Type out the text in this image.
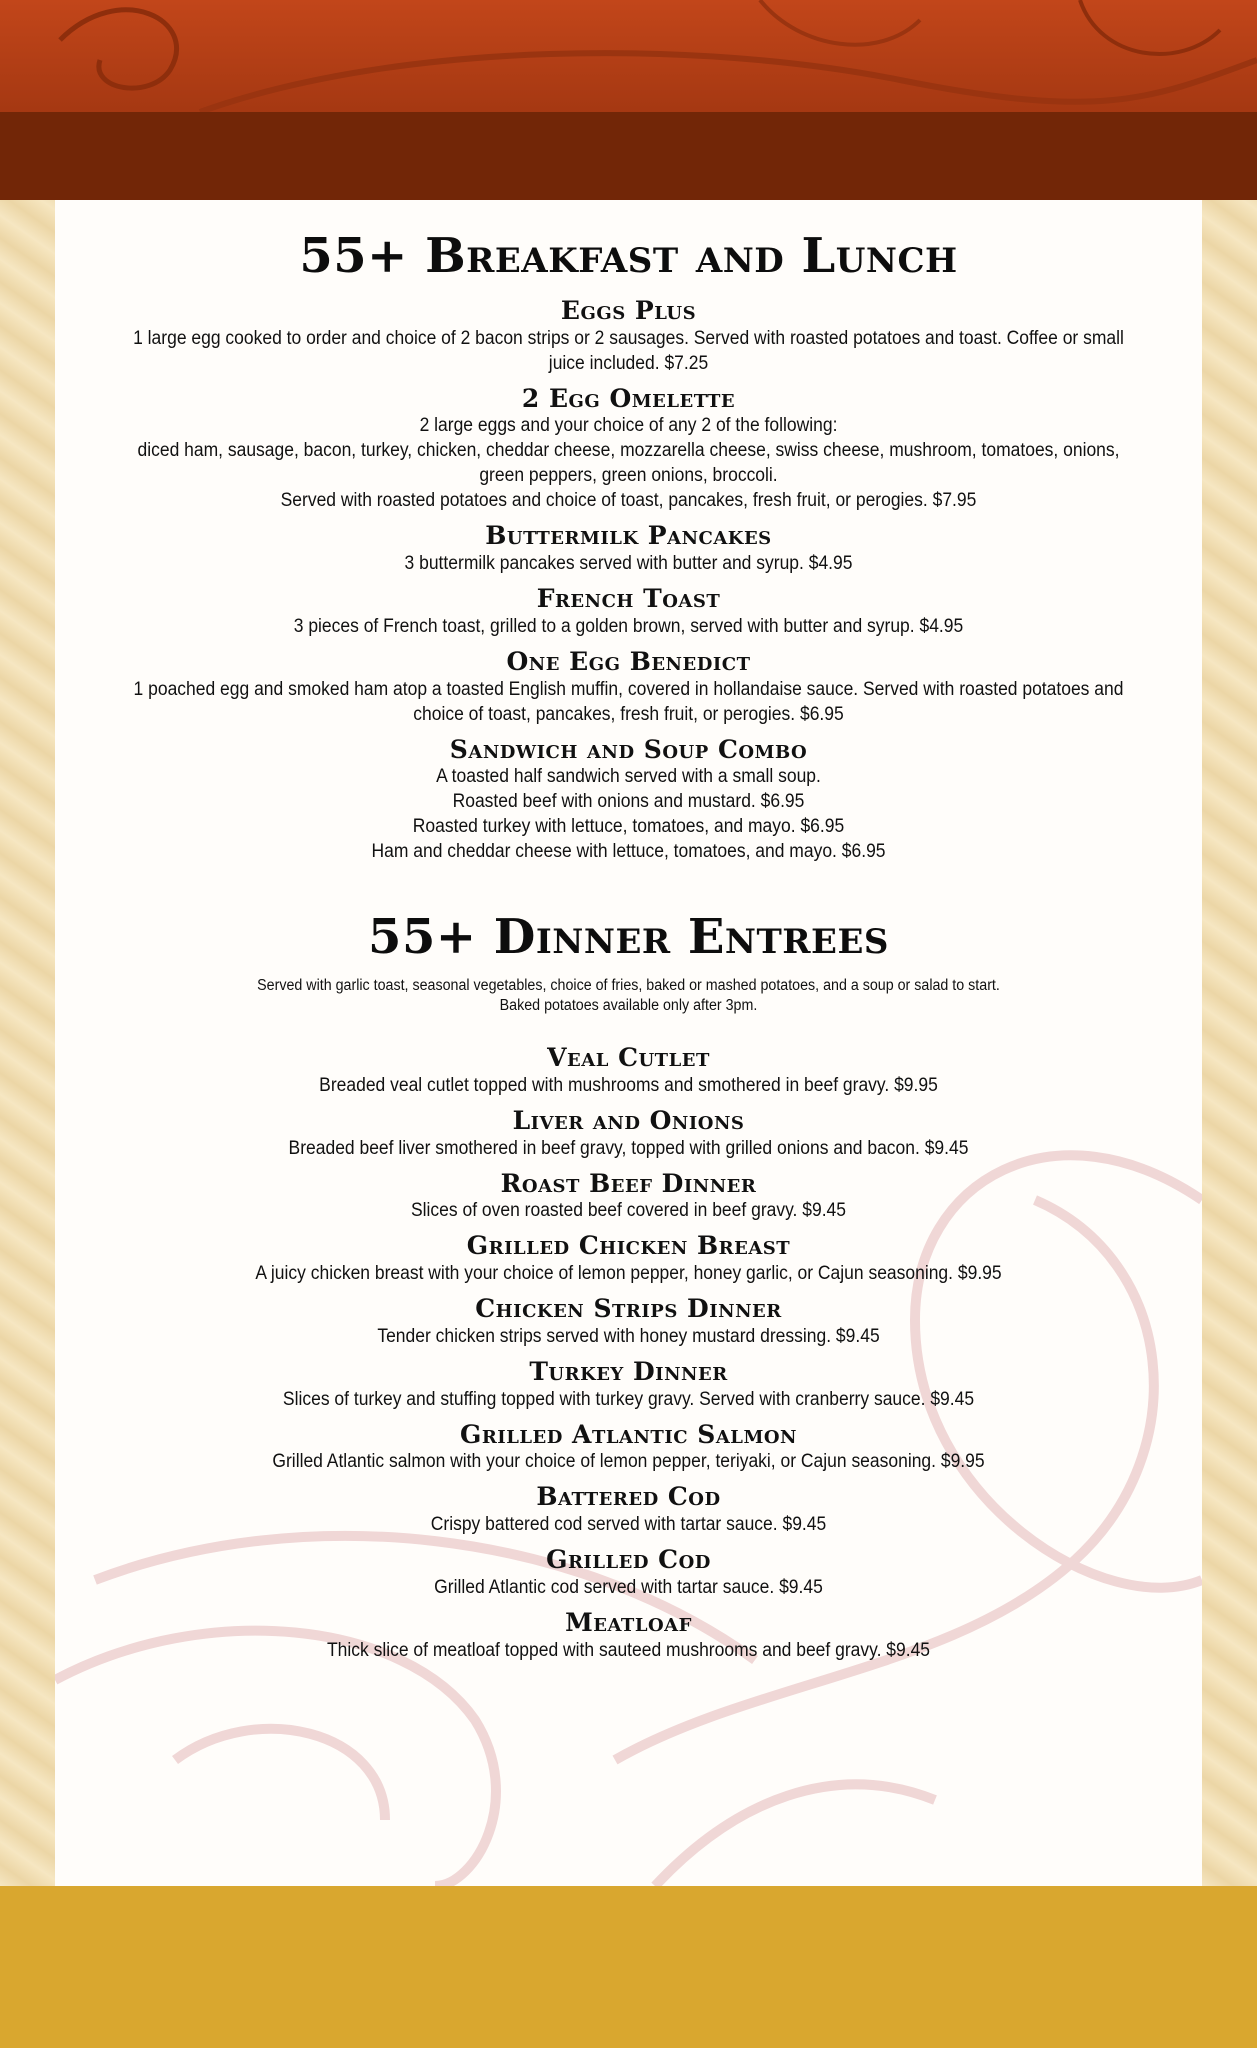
55+ Breakfast and Lunch
Eggs Plus

1 large egg cooked to order and choice of 2 bacon strips or 2 sausages. Served with roasted potatoes and toast. Coffee or small juice included. $7.25

2 Egg Omelette

2 large eggs and your choice of any 2 of the following:

diced ham, sausage, bacon, turkey, chicken, cheddar cheese, mozzarella cheese, swiss cheese, mushroom, tomatoes, onions, green peppers, green onions, broccoli.

Served with roasted potatoes and choice of toast, pancakes, fresh fruit, or perogies. $7.95

Buttermilk Pancakes

3 buttermilk pancakes served with butter and syrup. $4.95

French Toast

3 pieces of French toast, grilled to a golden brown, served with butter and syrup. $4.95

One Egg Benedict

1 poached egg and smoked ham atop a toasted English muffin, covered in hollandaise sauce. Served with roasted potatoes and choice of toast, pancakes, fresh fruit, or perogies. $6.95

Sandwich and Soup Combo

A toasted half sandwich served with a small soup.

Roasted beef with onions and mustard. $6.95

Roasted turkey with lettuce, tomatoes, and mayo. $6.95

Ham and cheddar cheese with lettuce, tomatoes, and mayo. $6.95

55+ Dinner Entrees

Served with garlic toast, seasonal vegetables, choice of fries, baked or mashed potatoes, and a soup or salad to start.

Baked potatoes available only after 3pm.

Veal Cutlet

Breaded veal cutlet topped with mushrooms and smothered in beef gravy. $9.95

Liver and Onions

Breaded beef liver smothered in beef gravy, topped with grilled onions and bacon. $9.45

Roast Beef Dinner

Slices of oven roasted beef covered in beef gravy. $9.45

Grilled Chicken Breast

A juicy chicken breast with your choice of lemon pepper, honey garlic, or Cajun seasoning. $9.95

Chicken Strips Dinner

Tender chicken strips served with honey mustard dressing. $9.45

Turkey Dinner

Slices of turkey and stuffing topped with turkey gravy. Served with cranberry sauce. $9.45

Grilled Atlantic Salmon

Grilled Atlantic salmon with your choice of lemon pepper, teriyaki, or Cajun seasoning. $9.95

Battered Cod

Crispy battered cod served with tartar sauce. $9.45

Grilled Cod

Grilled Atlantic cod served with tartar sauce. $9.45

Meatloaf

Thick slice of meatloaf topped with sauteed mushrooms and beef gravy. $9.45
